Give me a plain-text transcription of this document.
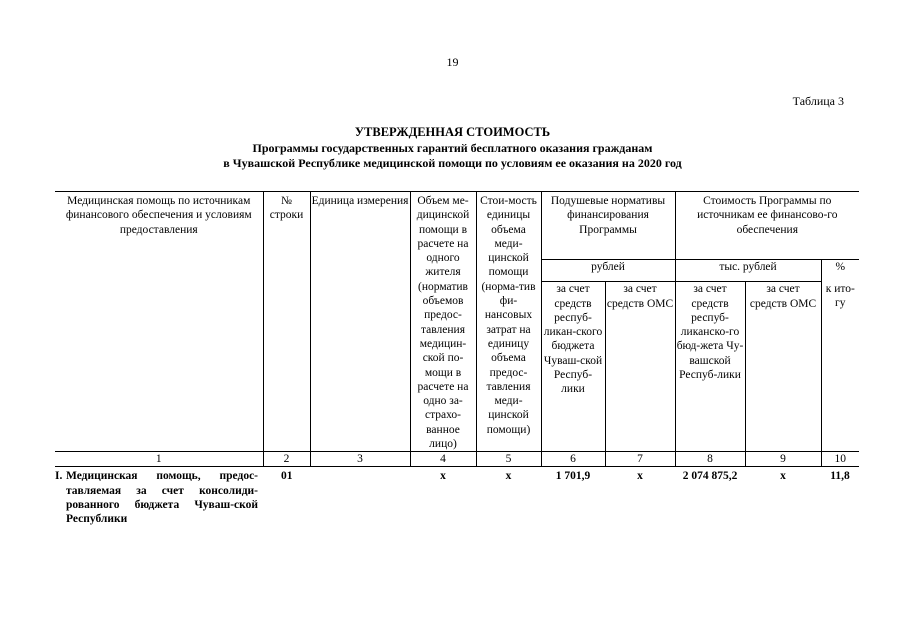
19
Таблица 3
УТВЕРЖДЕННАЯ СТОИМОСТЬ
Программы государственных гарантий бесплатного оказания гражданам
в Чувашской Республике медицинской помощи по условиям ее оказания на 2020 год
Медицинская помощь по источникам финансового обеспечения и условиям предоставления	№ строки	Единица измерения	Объем ме-дицинской помощи в расчете на одного жителя (норматив объемов предос-тавления медицин-ской по-мощи в расчете на одно за-страхо-ванное лицо)	Стои-мость единицы объема меди-цинской помощи (норма-тив фи-нансовых затрат на единицу объема предос-тавления меди-цинской помощи)	Подушевые нормативы финансирования Программы		Стоимость Программы по источникам ее финансово-го обеспечения		
					рублей		тыс. рублей		%
					за счет средств респуб-ликан-ского бюджета Чуваш-ской Респуб-лики	за счет средств ОМС	за счет средств респуб-ликанско-го бюд-жета Чу-вашской Респуб-лики	за счет средств ОМС	к ито-гу
1	2	3	4	5	6	7	8	9	10

I. Медицинская помощь, предос-тавляемая за счет консолиди-рованного бюджета Чуваш-ской Республики	01		х	х	1 701,9	х	2 074 875,2	х	11,8
